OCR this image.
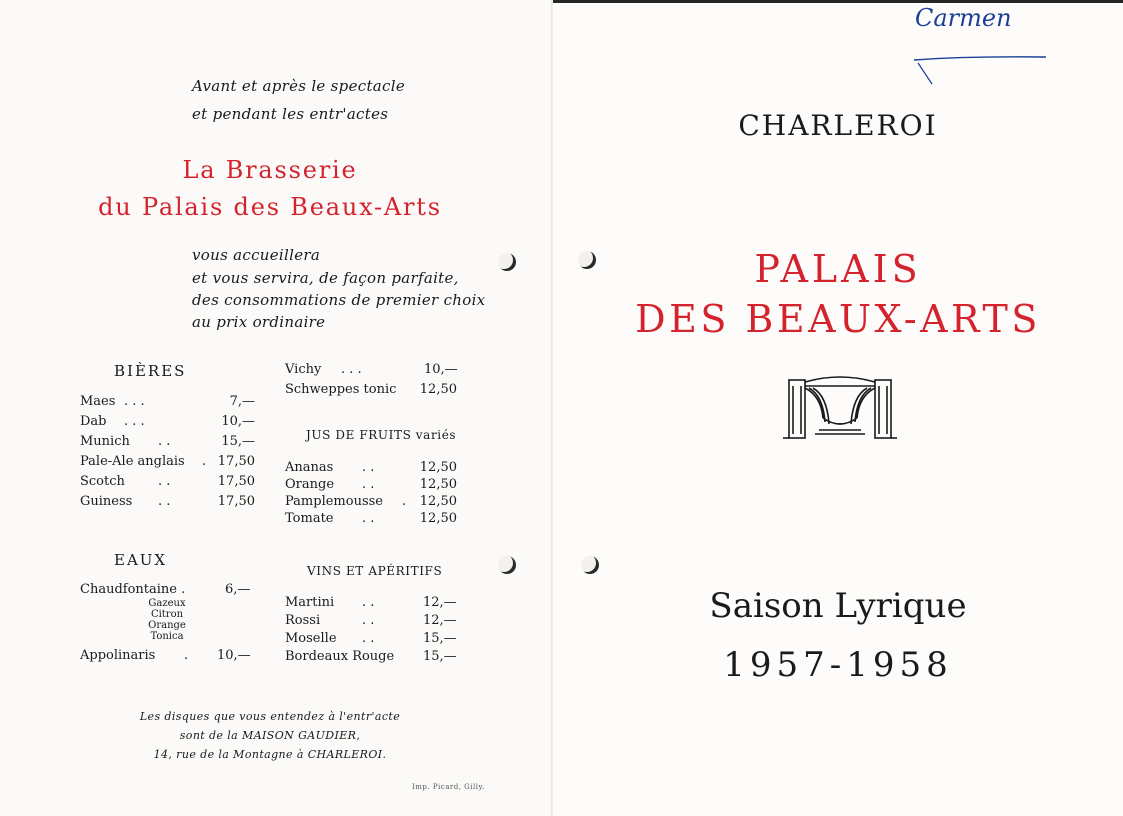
Avant et après le spectacle
et pendant les entr'actes
La Brasserie
du Palais des Beaux-Arts
vous accueillera
et vous servira, de façon parfaite,
des consommations de premier choix
au prix ordinaire
BIÈRES
Maes . . .	7,—
Dab . . .	10,—
Munich . .	15,—
Pale-Ale anglais . 17,50
Scotch	. .	17,50
Guiness . .	17,50
EAUX
Chaudfontaine .	6,—
Gazeux
Citron
Orange
Tonica
Appolinaris . 10,—
Vichy . . .	10,—
Schweppes tonic 12,50
JUS DE FRUITS variés
Ananas . .	12,50
Orange . .	12,50
Pamplemousse . 12,50
Tomate . .	12,50
VINS ET APÉRITIFS
Martini . .	12,—
Rossi	. .	12,—
Moselle . .	15,—
Bordeaux Rouge 15,—
Les disques que vous entendez à l'entr'acte
sont de la MAISON GAUDIER,
14, rue de la Montagne à CHARLEROI.
Imp. Picard, Gilly.
Carmen
CHARLEROI
PALAIS
DES BEAUX-ARTS
Saison Lyrique
1957-1958
